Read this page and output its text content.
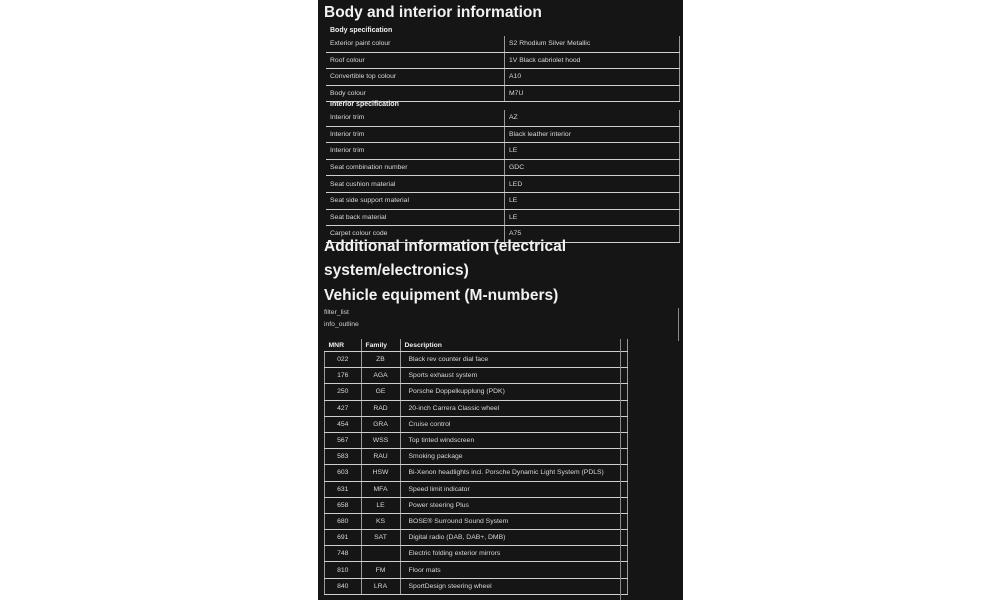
Body and interior information
Body specification
Exterior paint colour	S2 Rhodium Silver Metallic
Roof colour	1V Black cabriolet hood
Convertible top colour	A10
Body colour	M7U
Interior specification
Interior trim	AZ
Interior trim	Black leather interior
Interior trim	LE
Seat combination number	GDC
Seat cushion material	LED
Seat side support material	LE
Seat back material	LE
Carpet colour code	A75
Additional information (electrical
system/electronics)
Vehicle equipment (M-numbers)
filter_list
info_outline
MNR	Family	Description
022	ZB	Black rev counter dial face
176	AGA	Sports exhaust system
250	GE	Porsche Doppelkupplung (PDK)
427	RAD	20-inch Carrera Classic wheel
454	GRA	Cruise control
567	WSS	Top tinted windscreen
583	RAU	Smoking package
603	HSW	Bi-Xenon headlights incl. Porsche Dynamic Light System (PDLS)
631	MFA	Speed limit indicator
658	LE	Power steering Plus
680	KS	BOSE® Surround Sound System
691	SAT	Digital radio (DAB, DAB+, DMB)
748		Electric folding exterior mirrors
810	FM	Floor mats
840	LRA	SportDesign steering wheel
